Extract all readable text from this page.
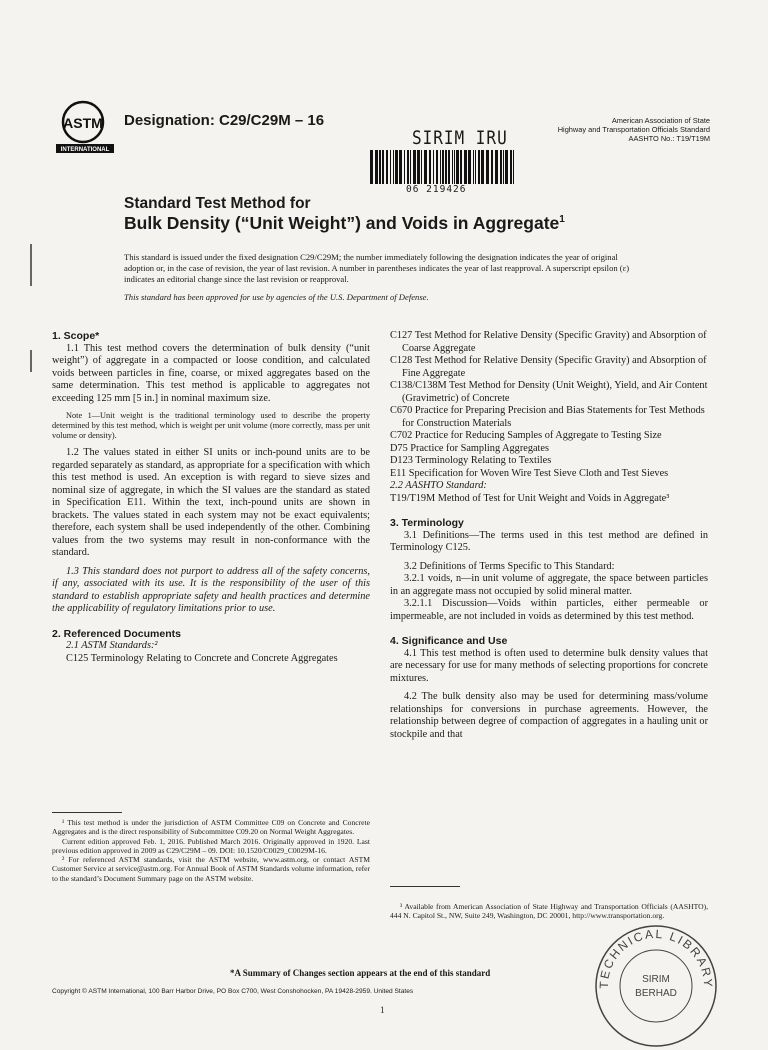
ASTM
INTERNATIONAL
Designation: C29/C29M – 16	American Association of State
Highway and Transportation Officials Standard
AASHTO No.: T19/T19M
SIRIM IRU
06 219426
Standard Test Method for
Bulk Density (“Unit Weight”) and Voids in Aggregate$^1$
This standard is issued under the fixed designation C29/C29M; the number immediately following the designation indicates the year of original adoption or, in the case of revision, the year of last revision. A number in parentheses indicates the year of last reapproval. A superscript epsilon (ε) indicates an editorial change since the last revision or reapproval.
This standard has been approved for use by agencies of the U.S. Department of Defense.

1. Scope*

1.1 This test method covers the determination of bulk density (“unit weight”) of aggregate in a compacted or loose condition, and calculated voids between particles in fine, coarse, or mixed aggregates based on the same determination. This test method is applicable to aggregates not exceeding 125 mm [5 in.] in nominal maximum size.

Note 1—Unit weight is the traditional terminology used to describe the property determined by this test method, which is weight per unit volume (more correctly, mass per unit volume or density).

1.2 The values stated in either SI units or inch-pound units are to be regarded separately as standard, as appropriate for a specification with which this test method is used. An exception is with regard to sieve sizes and nominal size of aggregate, in which the SI values are the standard as stated in Specification E11. Within the text, inch-pound units are shown in brackets. The values stated in each system may not be exact equivalents; therefore, each system shall be used independently of the other. Combining values from the two systems may result in non-conformance with the standard.

1.3 This standard does not purport to address all of the safety concerns, if any, associated with its use. It is the responsibility of the user of this standard to establish appropriate safety and health practices and determine the applicability of regulatory limitations prior to use.

2. Referenced Documents

2.1 ASTM Standards:²

C125 Terminology Relating to Concrete and Concrete Aggregates

C127 Test Method for Relative Density (Specific Gravity) and Absorption of Coarse Aggregate

C128 Test Method for Relative Density (Specific Gravity) and Absorption of Fine Aggregate

C138/C138M Test Method for Density (Unit Weight), Yield, and Air Content (Gravimetric) of Concrete

C670 Practice for Preparing Precision and Bias Statements for Test Methods for Construction Materials

C702 Practice for Reducing Samples of Aggregate to Testing Size

D75 Practice for Sampling Aggregates

D123 Terminology Relating to Textiles

E11 Specification for Woven Wire Test Sieve Cloth and Test Sieves

2.2 AASHTO Standard:

T19/T19M Method of Test for Unit Weight and Voids in Aggregate³

3. Terminology

3.1 Definitions—The terms used in this test method are defined in Terminology C125.

3.2 Definitions of Terms Specific to This Standard:

3.2.1 voids, n—in unit volume of aggregate, the space between particles in an aggregate mass not occupied by solid mineral matter.

3.2.1.1 Discussion—Voids within particles, either permeable or impermeable, are not included in voids as determined by this test method.

4. Significance and Use

4.1 This test method is often used to determine bulk density values that are necessary for use for many methods of selecting proportions for concrete mixtures.

4.2 The bulk density also may be used for determining mass/volume relationships for conversions in purchase agreements. However, the relationship between degree of compaction of aggregates in a hauling unit or stockpile and that

¹ This test method is under the jurisdiction of ASTM Committee C09 on Concrete and Concrete Aggregates and is the direct responsibility of Subcommittee C09.20 on Normal Weight Aggregates.

Current edition approved Feb. 1, 2016. Published March 2016. Originally approved in 1920. Last previous edition approved in 2009 as C29/C29M – 09. DOI: 10.1520/C0029_C0029M-16.

² For referenced ASTM standards, visit the ASTM website, www.astm.org, or contact ASTM Customer Service at service@astm.org. For Annual Book of ASTM Standards volume information, refer to the standard’s Document Summary page on the ASTM website.

³ Available from American Association of State Highway and Transportation Officials (AASHTO), 444 N. Capitol St., NW, Suite 249, Washington, DC 20001, http://www.transportation.org.

*A Summary of Changes section appears at the end of this standard
Copyright © ASTM International, 100 Barr Harbor Drive, PO Box C700, West Conshohocken, PA 19428-2959. United States
1
TECHNICAL LIBRARY
SIRIM
BERHAD
